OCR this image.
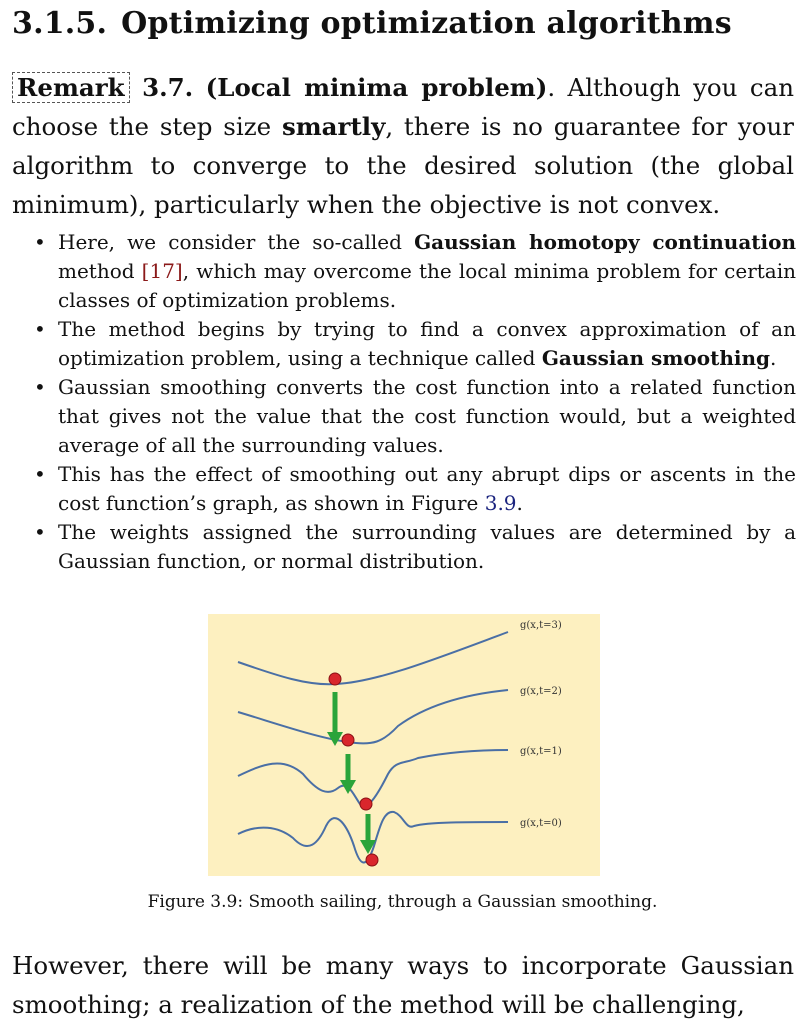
3.1.5. Optimizing optimization algorithms

Remark 3.7. (Local minima problem). Although you can choose the step size smartly, there is no guarantee for your algorithm to converge to the desired solution (the global minimum), particularly when the objective is not convex.

• Here, we consider the so-called Gaussian homotopy continuation method [17], which may overcome the local minima problem for certain classes of optimization problems.
• The method begins by trying to find a convex approximation of an optimization problem, using a technique called Gaussian smoothing.
• Gaussian smoothing converts the cost function into a related function that gives not the value that the cost function would, but a weighted average of all the surrounding values.
• This has the effect of smoothing out any abrupt dips or ascents in the cost function’s graph, as shown in Figure 3.9.
• The weights assigned the surrounding values are determined by a Gaussian function, or normal distribution.
g(x,t=3)
g(x,t=2)
g(x,t=1)
g(x,t=0)

Figure 3.9: Smooth sailing, through a Gaussian smoothing.

However, there will be many ways to incorporate Gaussian smoothing; a realization of the method will be challenging,
